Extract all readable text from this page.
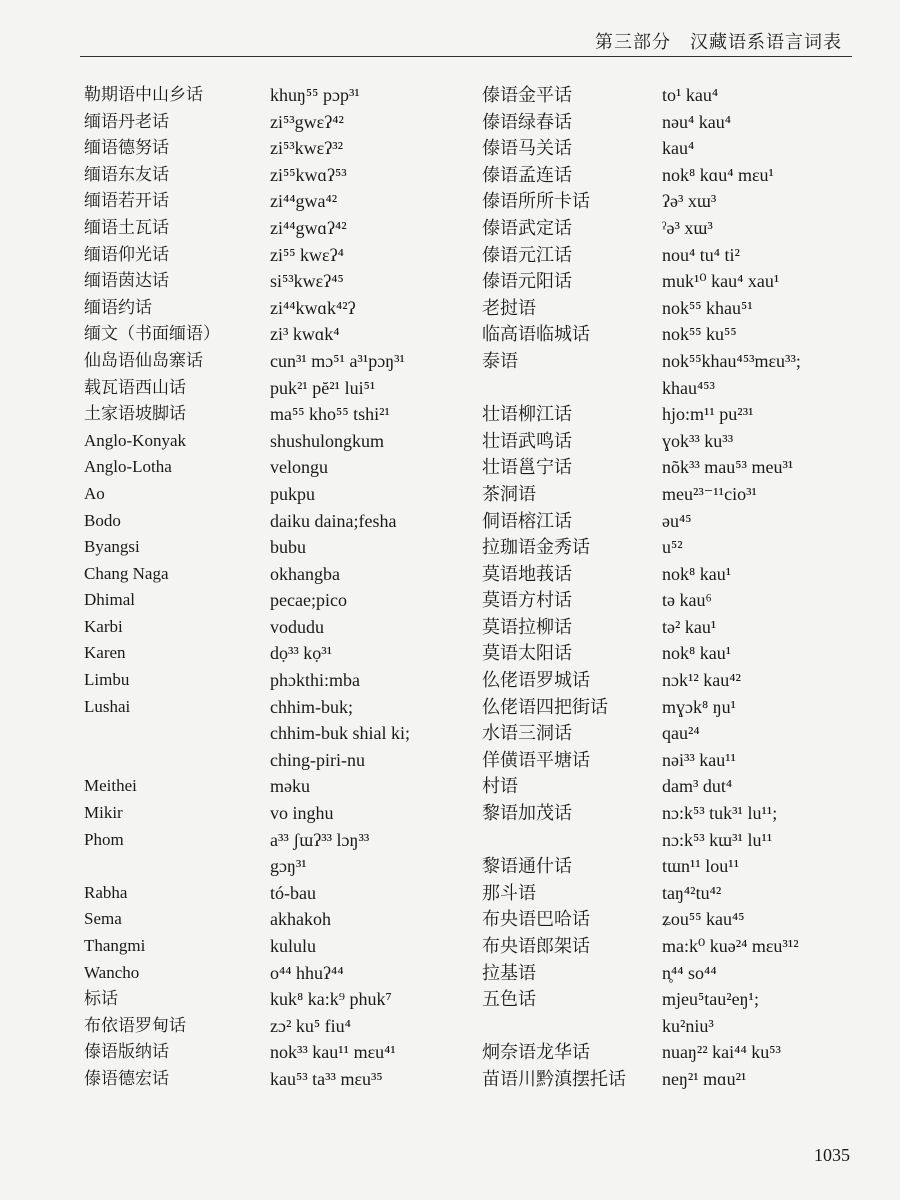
第三部分　汉藏语系语言词表
勒期语中山乡话
缅语丹老话
缅语德努话
缅语东友话
缅语若开话
缅语土瓦话
缅语仰光话
缅语茵达话
缅语约话
缅文（书面缅语）
仙岛语仙岛寨话
载瓦语西山话
土家语坡脚话
Anglo-Konyak
Anglo-Lotha
Ao
Bodo
Byangsi
Chang Naga
Dhimal
Karbi
Karen
Limbu
Lushai
Meithei
Mikir
Phom
Rabha
Sema
Thangmi
Wancho
标话
布依语罗甸话
傣语版纳话
傣语德宏话
khuŋ⁵⁵ pɔp³¹
zi⁵³gwɛʔ⁴²
zi⁵³kwɛʔ³²
zi⁵⁵kwɑʔ⁵³
zi⁴⁴gwa⁴²
zi⁴⁴gwɑʔ⁴²
zi⁵⁵ kwɛʔ⁴
si⁵³kwɛʔ⁴⁵
zi⁴⁴kwɑk⁴²ʔ
zi³ kwɑk⁴
cun³¹ mɔ⁵¹ a³¹pɔŋ³¹
puk²¹ pĕ²¹ lui⁵¹
ma⁵⁵ kho⁵⁵ tshi²¹
shushulongkum
velongu
pukpu
daiku daina;fesha
bubu
okhangba
pecae;pico
vodudu
dọ³³ kọ³¹
phɔkthi:mba
chhim-buk;
chhim-buk shial ki;
ching-piri-nu
məku
vo inghu
a³³ ʃɯʔ³³ lɔŋ³³
gɔŋ³¹
tó-bau
akhakoh
kululu
o⁴⁴ hhuʔ⁴⁴
kuk⁸ ka:k⁹ phuk⁷
zɔ² ku⁵ fiu⁴
nok³³ kau¹¹ mɛu⁴¹
kau⁵³ ta³³ mɛu³⁵
傣语金平话
傣语绿春话
傣语马关话
傣语孟连话
傣语所所卡话
傣语武定话
傣语元江话
傣语元阳话
老挝语
临高语临城话
泰语
壮语柳江话
壮语武鸣话
壮语邕宁话
茶洞语
侗语榕江话
拉珈语金秀话
莫语地莪话
莫语方村话
莫语拉柳话
莫语太阳话
仫佬语罗城话
仫佬语四把街话
水语三洞话
佯僙语平塘话
村语
黎语加茂话
黎语通什话
那斗语
布央语巴哈话
布央语郎架话
拉基语
五色话
炯奈语龙华话
苗语川黔滇摆托话
to¹ kau⁴
nəu⁴ kau⁴
kau⁴
nok⁸ kɑu⁴ mɛu¹
ʔə³ xɯ³
ˀə³ xɯ³
nou⁴ tu⁴ ti²
muk¹⁰ kau⁴ xau¹
nok⁵⁵ khau⁵¹
nok⁵⁵ ku⁵⁵
nok⁵⁵khau⁴⁵³mɛu³³;
khau⁴⁵³
hjo:m¹¹ pu²³¹
ɣok³³ ku³³
nõk³³ mau⁵³ meu³¹
meu²³⁻¹¹cio³¹
əu⁴⁵
u⁵²
nok⁸ kau¹
tə kau⁶
tə² kau¹
nok⁸ kau¹
nɔk¹² kau⁴²
mɣɔk⁸ ŋu¹
qau²⁴
nəi³³ kau¹¹
dam³ dut⁴
nɔ:k⁵³ tuk³¹ lu¹¹;
nɔ:k⁵³ kɯ³¹ lu¹¹
tɯn¹¹ lou¹¹
taŋ⁴²tu⁴²
ʑou⁵⁵ kau⁴⁵
ma:k⁰ kuə²⁴ mɛu³¹²
n̥⁴⁴ so⁴⁴
mjeu⁵tau²eŋ¹;
ku²niu³
nuaŋ²² kai⁴⁴ ku⁵³
neŋ²¹ mɑu²¹
1035
